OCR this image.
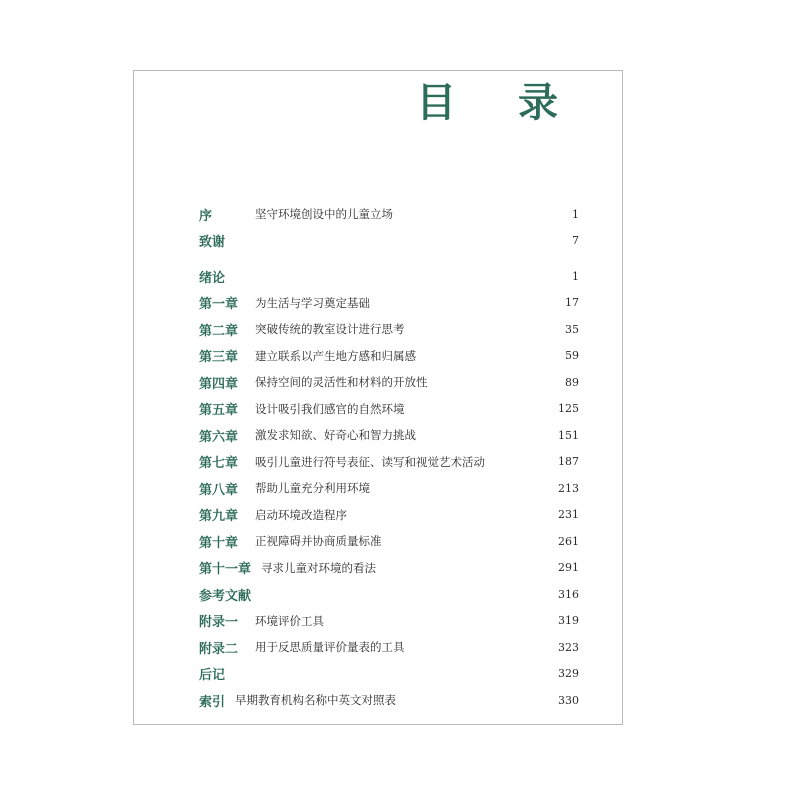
目 录
序	坚守环境创设中的儿童立场	1
致谢	7
绪论	1
第一章	为生活与学习奠定基础	17
第二章	突破传统的教室设计进行思考	35
第三章	建立联系以产生地方感和归属感	59
第四章	保持空间的灵活性和材料的开放性	89
第五章	设计吸引我们感官的自然环境	125
第六章	激发求知欲、好奇心和智力挑战	151
第七章	吸引儿童进行符号表征、读写和视觉艺术活动	187
第八章	帮助儿童充分利用环境	213
第九章	启动环境改造程序	231
第十章	正视障碍并协商质量标准	261
第十一章 寻求儿童对环境的看法	291
参考文献	316
附录一	环境评价工具	319
附录二	用于反思质量评价量表的工具	323
后记	329
索引 早期教育机构名称中英文对照表	330
